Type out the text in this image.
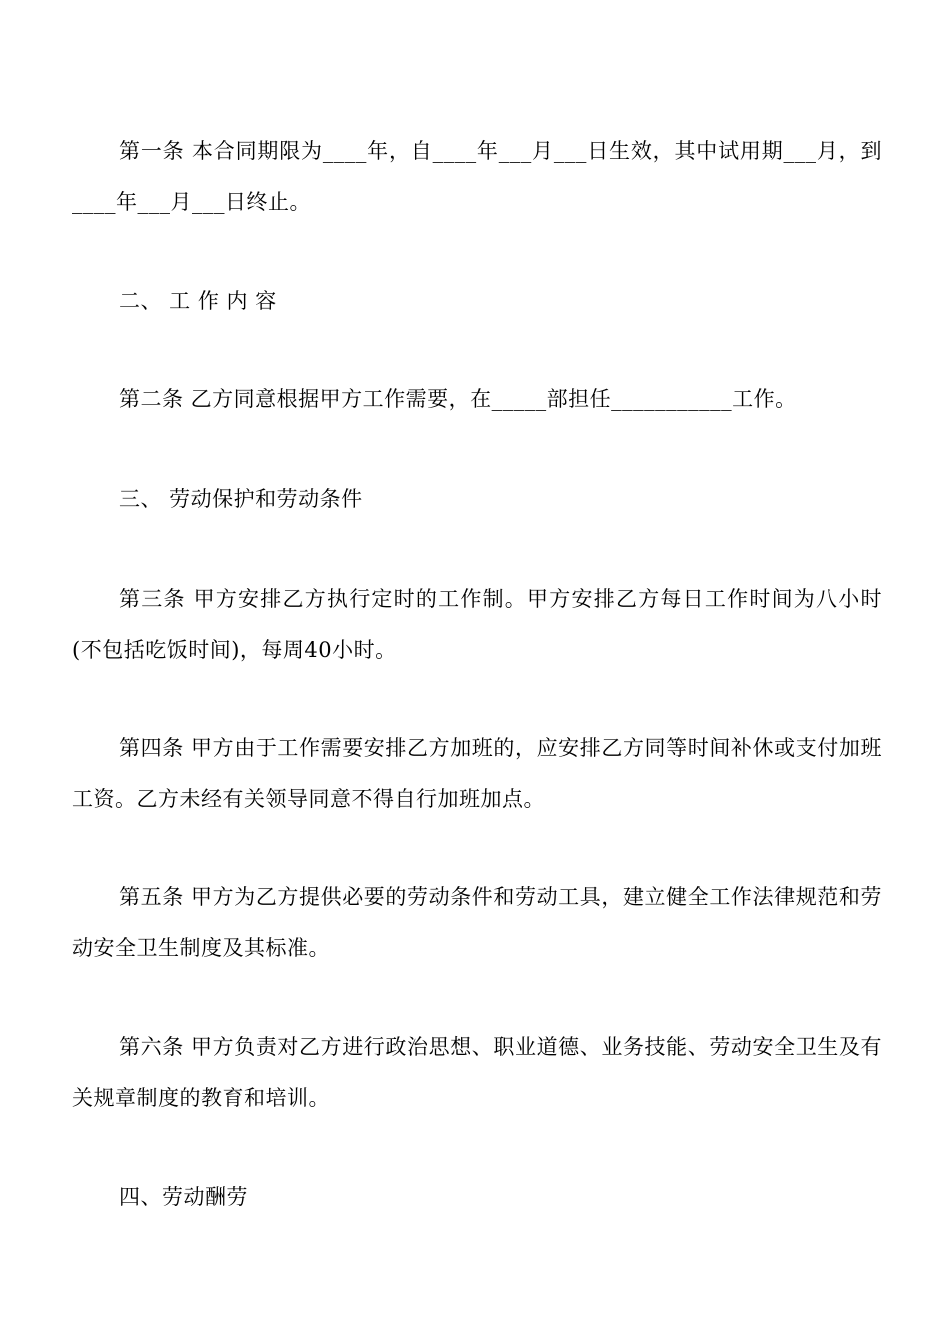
第一条 本合同期限为____年，自____年___月___日生效，其中试用期___月，到____年___月___日终止。

二、 工 作 内 容

第二条 乙方同意根据甲方工作需要，在_____部担任___________工作。

三、 劳动保护和劳动条件

第三条 甲方安排乙方执行定时的工作制。甲方安排乙方每日工作时间为八小时(不包括吃饭时间)，每周40小时。

第四条 甲方由于工作需要安排乙方加班的，应安排乙方同等时间补休或支付加班工资。乙方未经有关领导同意不得自行加班加点。

第五条 甲方为乙方提供必要的劳动条件和劳动工具，建立健全工作法律规范和劳动安全卫生制度及其标准。

第六条 甲方负责对乙方进行政治思想、职业道德、业务技能、劳动安全卫生及有关规章制度的教育和培训。

四、劳动酬劳
